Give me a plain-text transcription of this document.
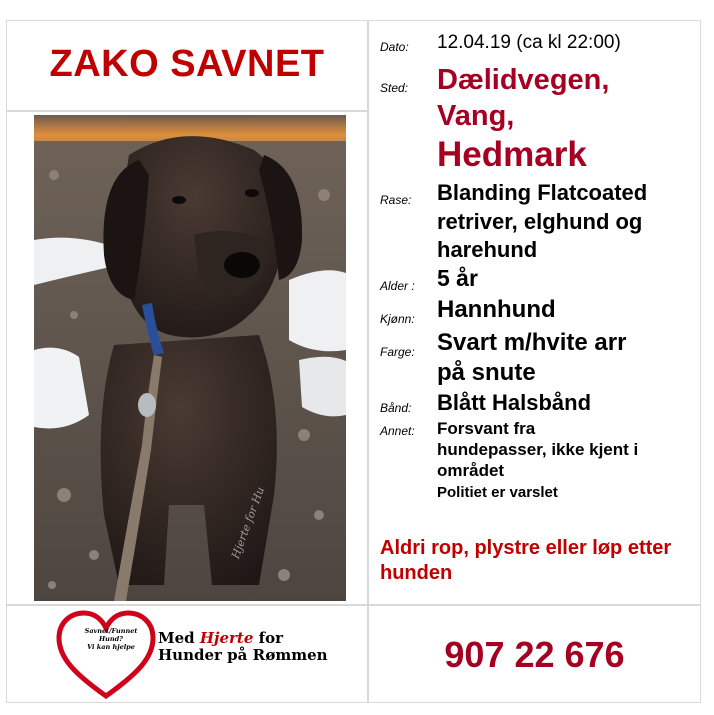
ZAKO SAVNET
Hjerte for Hu
Dato: 12.04.19 (ca kl 22:00)
Sted: Dælidvegen,
Vang,
Hedmark
Rase: Blanding Flatcoated
retriver, elghund og
harehund
Alder : 5 år
Kjønn: Hannhund
Farge: Svart m/hvite arr
på snute
Bånd: Blått Halsbånd
Annet: Forsvant fra
hundepasser, ikke kjent i
området
Politiet er varslet
Aldri rop, plystre eller løp etter hunden
Savnet/Funnet
Hund?
Vi kan hjelpe	Med Hjerte for
Hunder på Rømmen	907 22 676
